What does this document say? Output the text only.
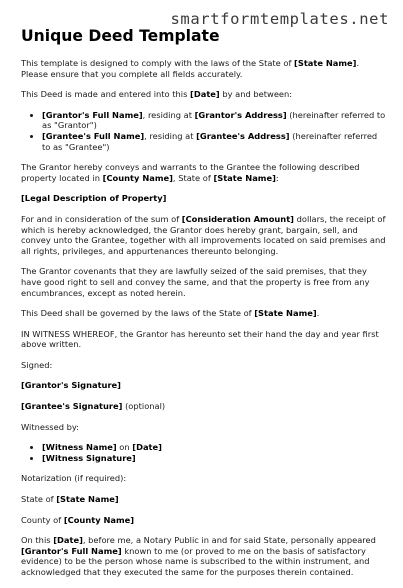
smartformtemplates.net
Unique Deed Template

This template is designed to comply with the laws of the State of [State Name]. Please ensure that you complete all fields accurately.

This Deed is made and entered into this [Date] by and between:

• [Grantor's Full Name], residing at [Grantor's Address] (hereinafter referred to as "Grantor")
• [Grantee's Full Name], residing at [Grantee's Address] (hereinafter referred to as "Grantee")

The Grantor hereby conveys and warrants to the Grantee the following described property located in [County Name], State of [State Name]:

[Legal Description of Property]

For and in consideration of the sum of [Consideration Amount] dollars, the receipt of which is hereby acknowledged, the Grantor does hereby grant, bargain, sell, and convey unto the Grantee, together with all improvements located on said premises and all rights, privileges, and appurtenances thereunto belonging.

The Grantor covenants that they are lawfully seized of the said premises, that they have good right to sell and convey the same, and that the property is free from any encumbrances, except as noted herein.

This Deed shall be governed by the laws of the State of [State Name].

IN WITNESS WHEREOF, the Grantor has hereunto set their hand the day and year first above written.

Signed:

[Grantor's Signature]

[Grantee's Signature] (optional)

Witnessed by:

• [Witness Name] on [Date]
• [Witness Signature]

Notarization (if required):

State of [State Name]

County of [County Name]

On this [Date], before me, a Notary Public in and for said State, personally appeared [Grantor's Full Name] known to me (or proved to me on the basis of satisfactory evidence) to be the person whose name is subscribed to the within instrument, and acknowledged that they executed the same for the purposes therein contained.
